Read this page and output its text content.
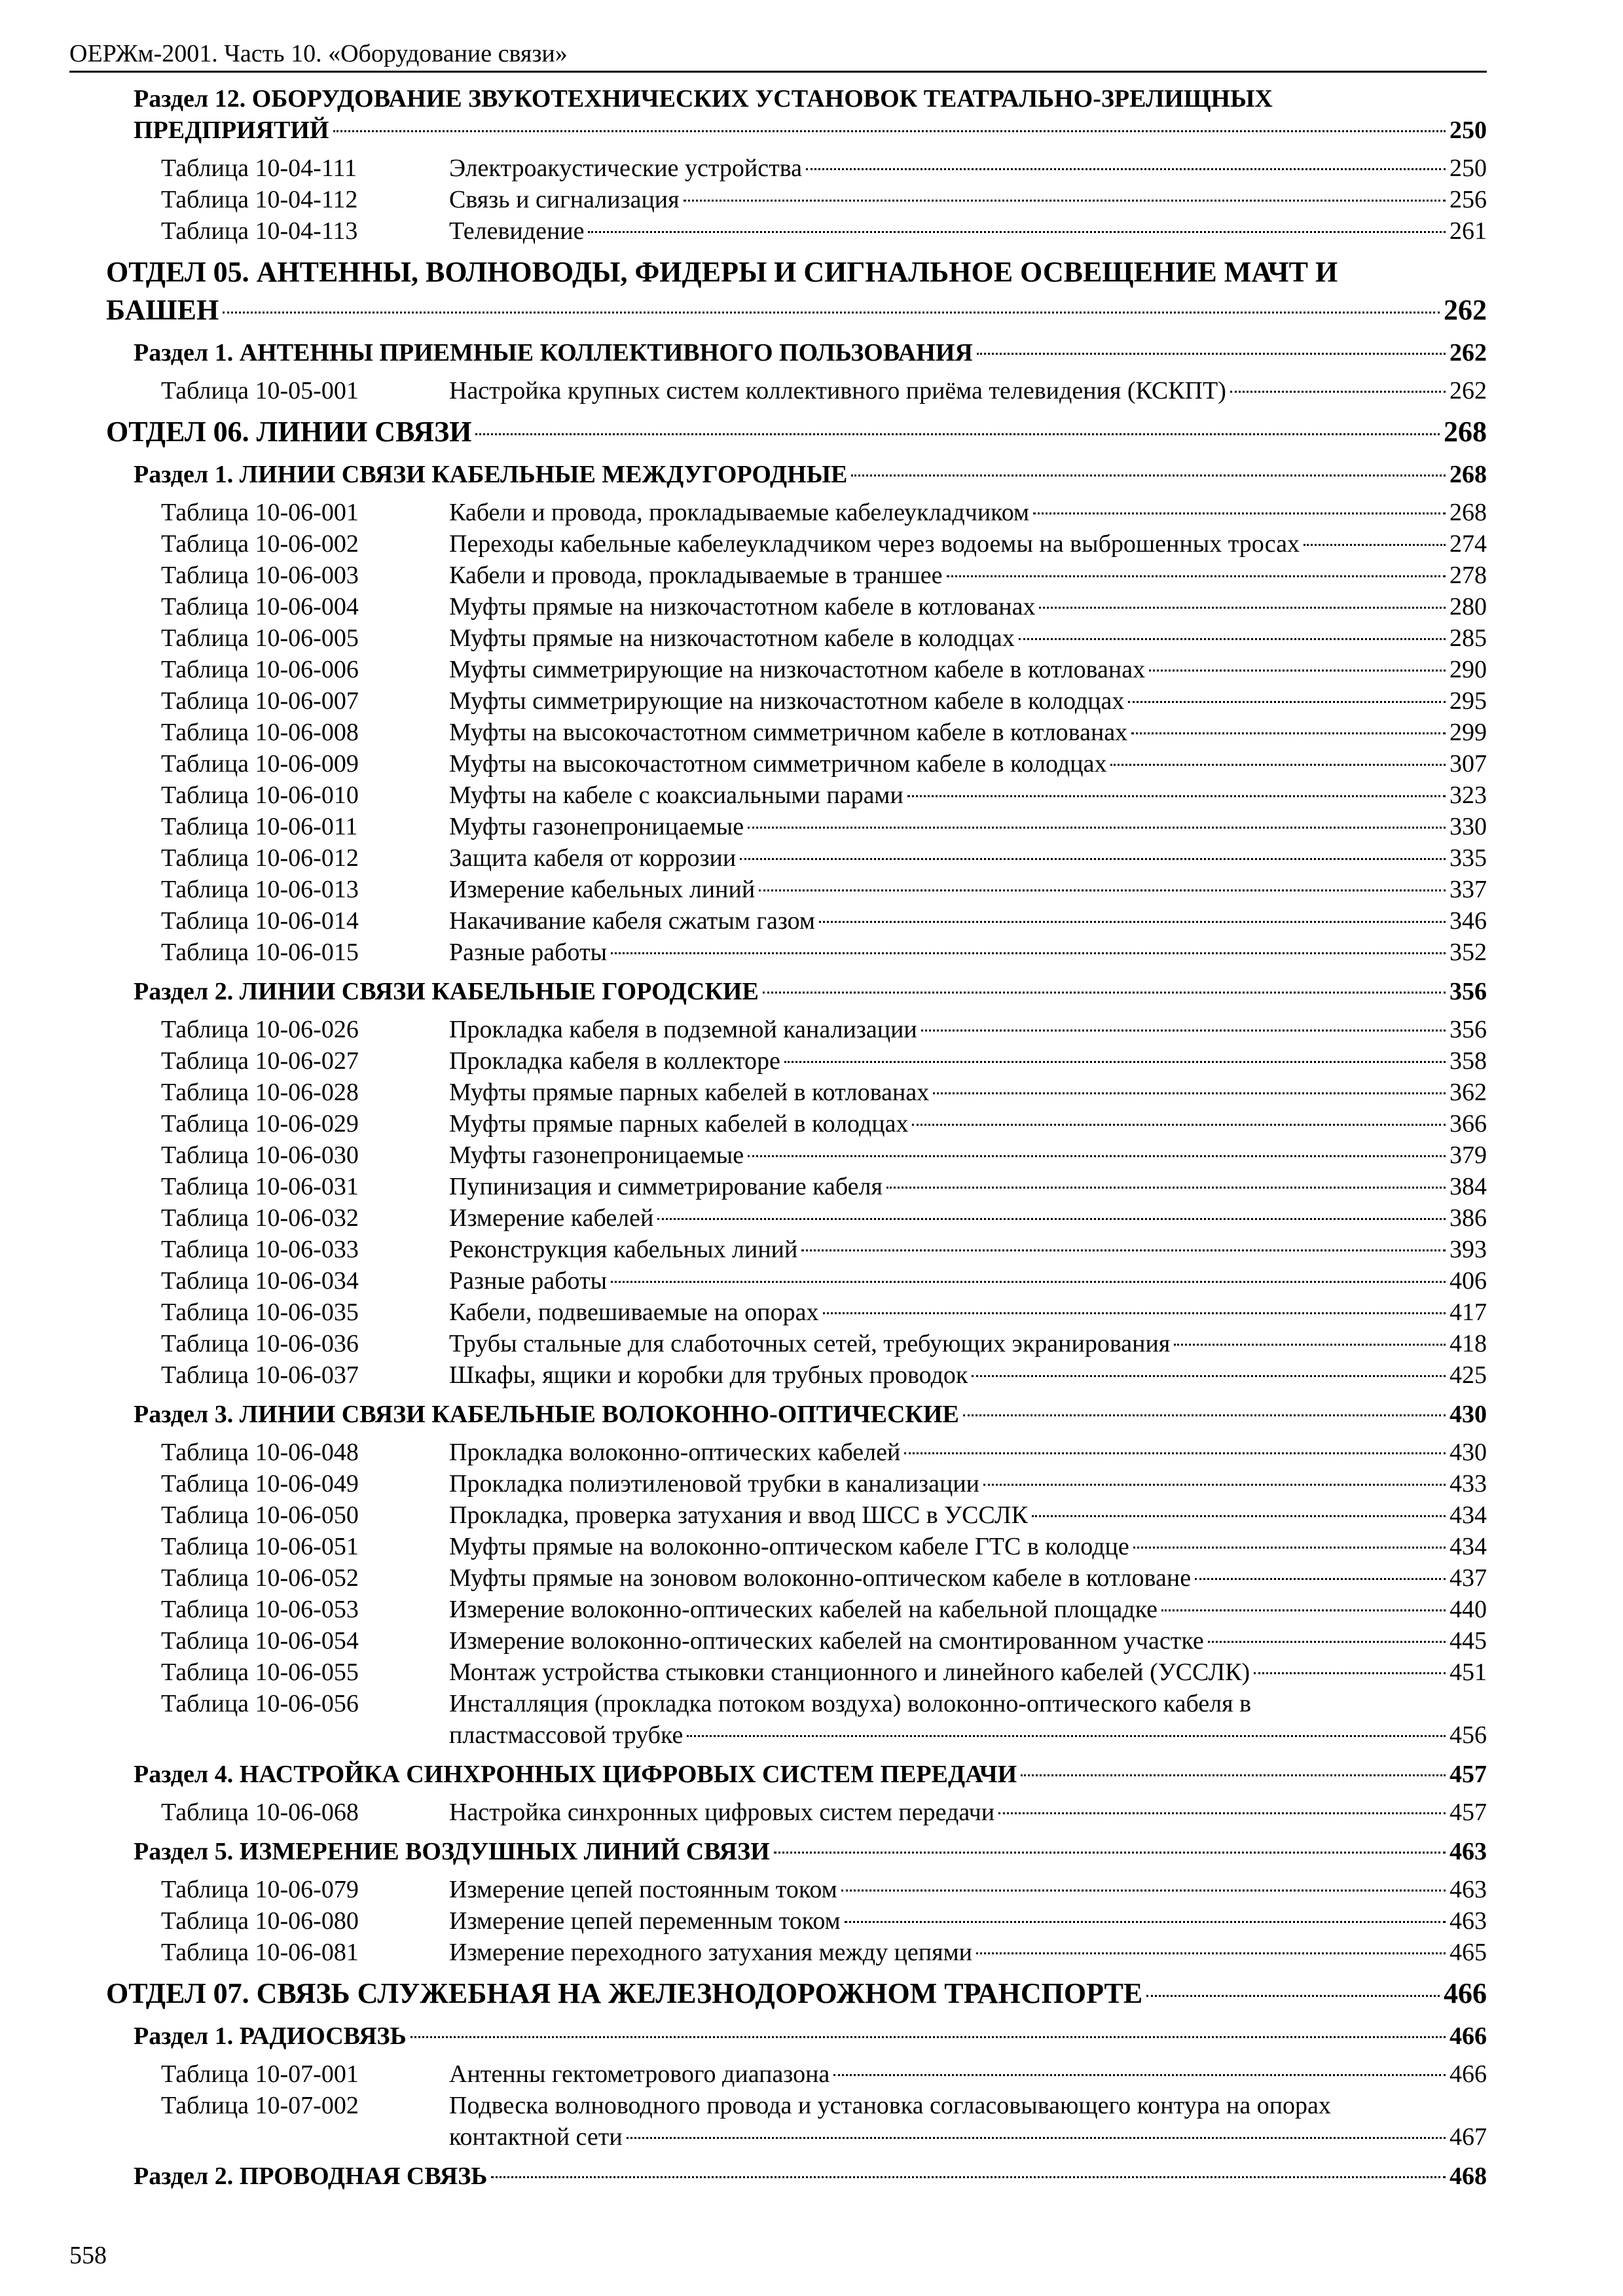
ОЕРЖм-2001. Часть 10. «Оборудование связи»
Раздел 12. ОБОРУДОВАНИЕ ЗВУКОТЕХНИЧЕСКИХ УСТАНОВОК ТЕАТРАЛЬНО-ЗРЕЛИЩНЫХ
ПРЕДПРИЯТИЙ	250
Таблица 10-04-111	Электроакустические устройства	250
Таблица 10-04-112	Связь и сигнализация	256
Таблица 10-04-113	Телевидение	261
ОТДЕЛ 05. АНТЕННЫ, ВОЛНОВОДЫ, ФИДЕРЫ И СИГНАЛЬНОЕ ОСВЕЩЕНИЕ МАЧТ И
БАШЕН	262
Раздел 1. АНТЕННЫ ПРИЕМНЫЕ КОЛЛЕКТИВНОГО ПОЛЬЗОВАНИЯ	262
Таблица 10-05-001	Настройка крупных систем коллективного приёма телевидения (КСКПТ)	262
ОТДЕЛ 06. ЛИНИИ СВЯЗИ	268
Раздел 1. ЛИНИИ СВЯЗИ КАБЕЛЬНЫЕ МЕЖДУГОРОДНЫЕ	268
Таблица 10-06-001	Кабели и провода, прокладываемые кабелеукладчиком	268
Таблица 10-06-002	Переходы кабельные кабелеукладчиком через водоемы на выброшенных тросах	274
Таблица 10-06-003	Кабели и провода, прокладываемые в траншее	278
Таблица 10-06-004	Муфты прямые на низкочастотном кабеле в котлованах	280
Таблица 10-06-005	Муфты прямые на низкочастотном кабеле в колодцах	285
Таблица 10-06-006	Муфты симметрирующие на низкочастотном кабеле в котлованах	290
Таблица 10-06-007	Муфты симметрирующие на низкочастотном кабеле в колодцах	295
Таблица 10-06-008	Муфты на высокочастотном симметричном кабеле в котлованах	299
Таблица 10-06-009	Муфты на высокочастотном симметричном кабеле в колодцах	307
Таблица 10-06-010	Муфты на кабеле с коаксиальными парами	323
Таблица 10-06-011	Муфты газонепроницаемые	330
Таблица 10-06-012	Защита кабеля от коррозии	335
Таблица 10-06-013	Измерение кабельных линий	337
Таблица 10-06-014	Накачивание кабеля сжатым газом	346
Таблица 10-06-015	Разные работы	352
Раздел 2. ЛИНИИ СВЯЗИ КАБЕЛЬНЫЕ ГОРОДСКИЕ	356
Таблица 10-06-026	Прокладка кабеля в подземной канализации	356
Таблица 10-06-027	Прокладка кабеля в коллекторе	358
Таблица 10-06-028	Муфты прямые парных кабелей в котлованах	362
Таблица 10-06-029	Муфты прямые парных кабелей в колодцах	366
Таблица 10-06-030	Муфты газонепроницаемые	379
Таблица 10-06-031	Пупинизация и симметрирование кабеля	384
Таблица 10-06-032	Измерение кабелей	386
Таблица 10-06-033	Реконструкция кабельных линий	393
Таблица 10-06-034	Разные работы	406
Таблица 10-06-035	Кабели, подвешиваемые на опорах	417
Таблица 10-06-036	Трубы стальные для слаботочных сетей, требующих экранирования	418
Таблица 10-06-037	Шкафы, ящики и коробки для трубных проводок	425
Раздел 3. ЛИНИИ СВЯЗИ КАБЕЛЬНЫЕ ВОЛОКОННО-ОПТИЧЕСКИЕ	430
Таблица 10-06-048	Прокладка волоконно-оптических кабелей	430
Таблица 10-06-049	Прокладка полиэтиленовой трубки в канализации	433
Таблица 10-06-050	Прокладка, проверка затухания и ввод ШСС в УССЛК	434
Таблица 10-06-051	Муфты прямые на волоконно-оптическом кабеле ГТС в колодце	434
Таблица 10-06-052	Муфты прямые на зоновом волоконно-оптическом кабеле в котловане	437
Таблица 10-06-053	Измерение волоконно-оптических кабелей на кабельной площадке	440
Таблица 10-06-054	Измерение волоконно-оптических кабелей на смонтированном участке	445
Таблица 10-06-055	Монтаж устройства стыковки станционного и линейного кабелей (УССЛК)	451
Таблица 10-06-056	Инсталляция (прокладка потоком воздуха) волоконно-оптического кабеля в
пластмассовой трубке	456
Раздел 4. НАСТРОЙКА СИНХРОННЫХ ЦИФРОВЫХ СИСТЕМ ПЕРЕДАЧИ	457
Таблица 10-06-068	Настройка синхронных цифровых систем передачи	457
Раздел 5. ИЗМЕРЕНИЕ ВОЗДУШНЫХ ЛИНИЙ СВЯЗИ	463
Таблица 10-06-079	Измерение цепей постоянным током	463
Таблица 10-06-080	Измерение цепей переменным током	463
Таблица 10-06-081	Измерение переходного затухания между цепями	465
ОТДЕЛ 07. СВЯЗЬ СЛУЖЕБНАЯ НА ЖЕЛЕЗНОДОРОЖНОМ ТРАНСПОРТЕ	466
Раздел 1. РАДИОСВЯЗЬ	466
Таблица 10-07-001	Антенны гектометрового диапазона	466
Таблица 10-07-002	Подвеска волноводного провода и установка согласовывающего контура на опорах
контактной сети	467
Раздел 2. ПРОВОДНАЯ СВЯЗЬ	468
558
